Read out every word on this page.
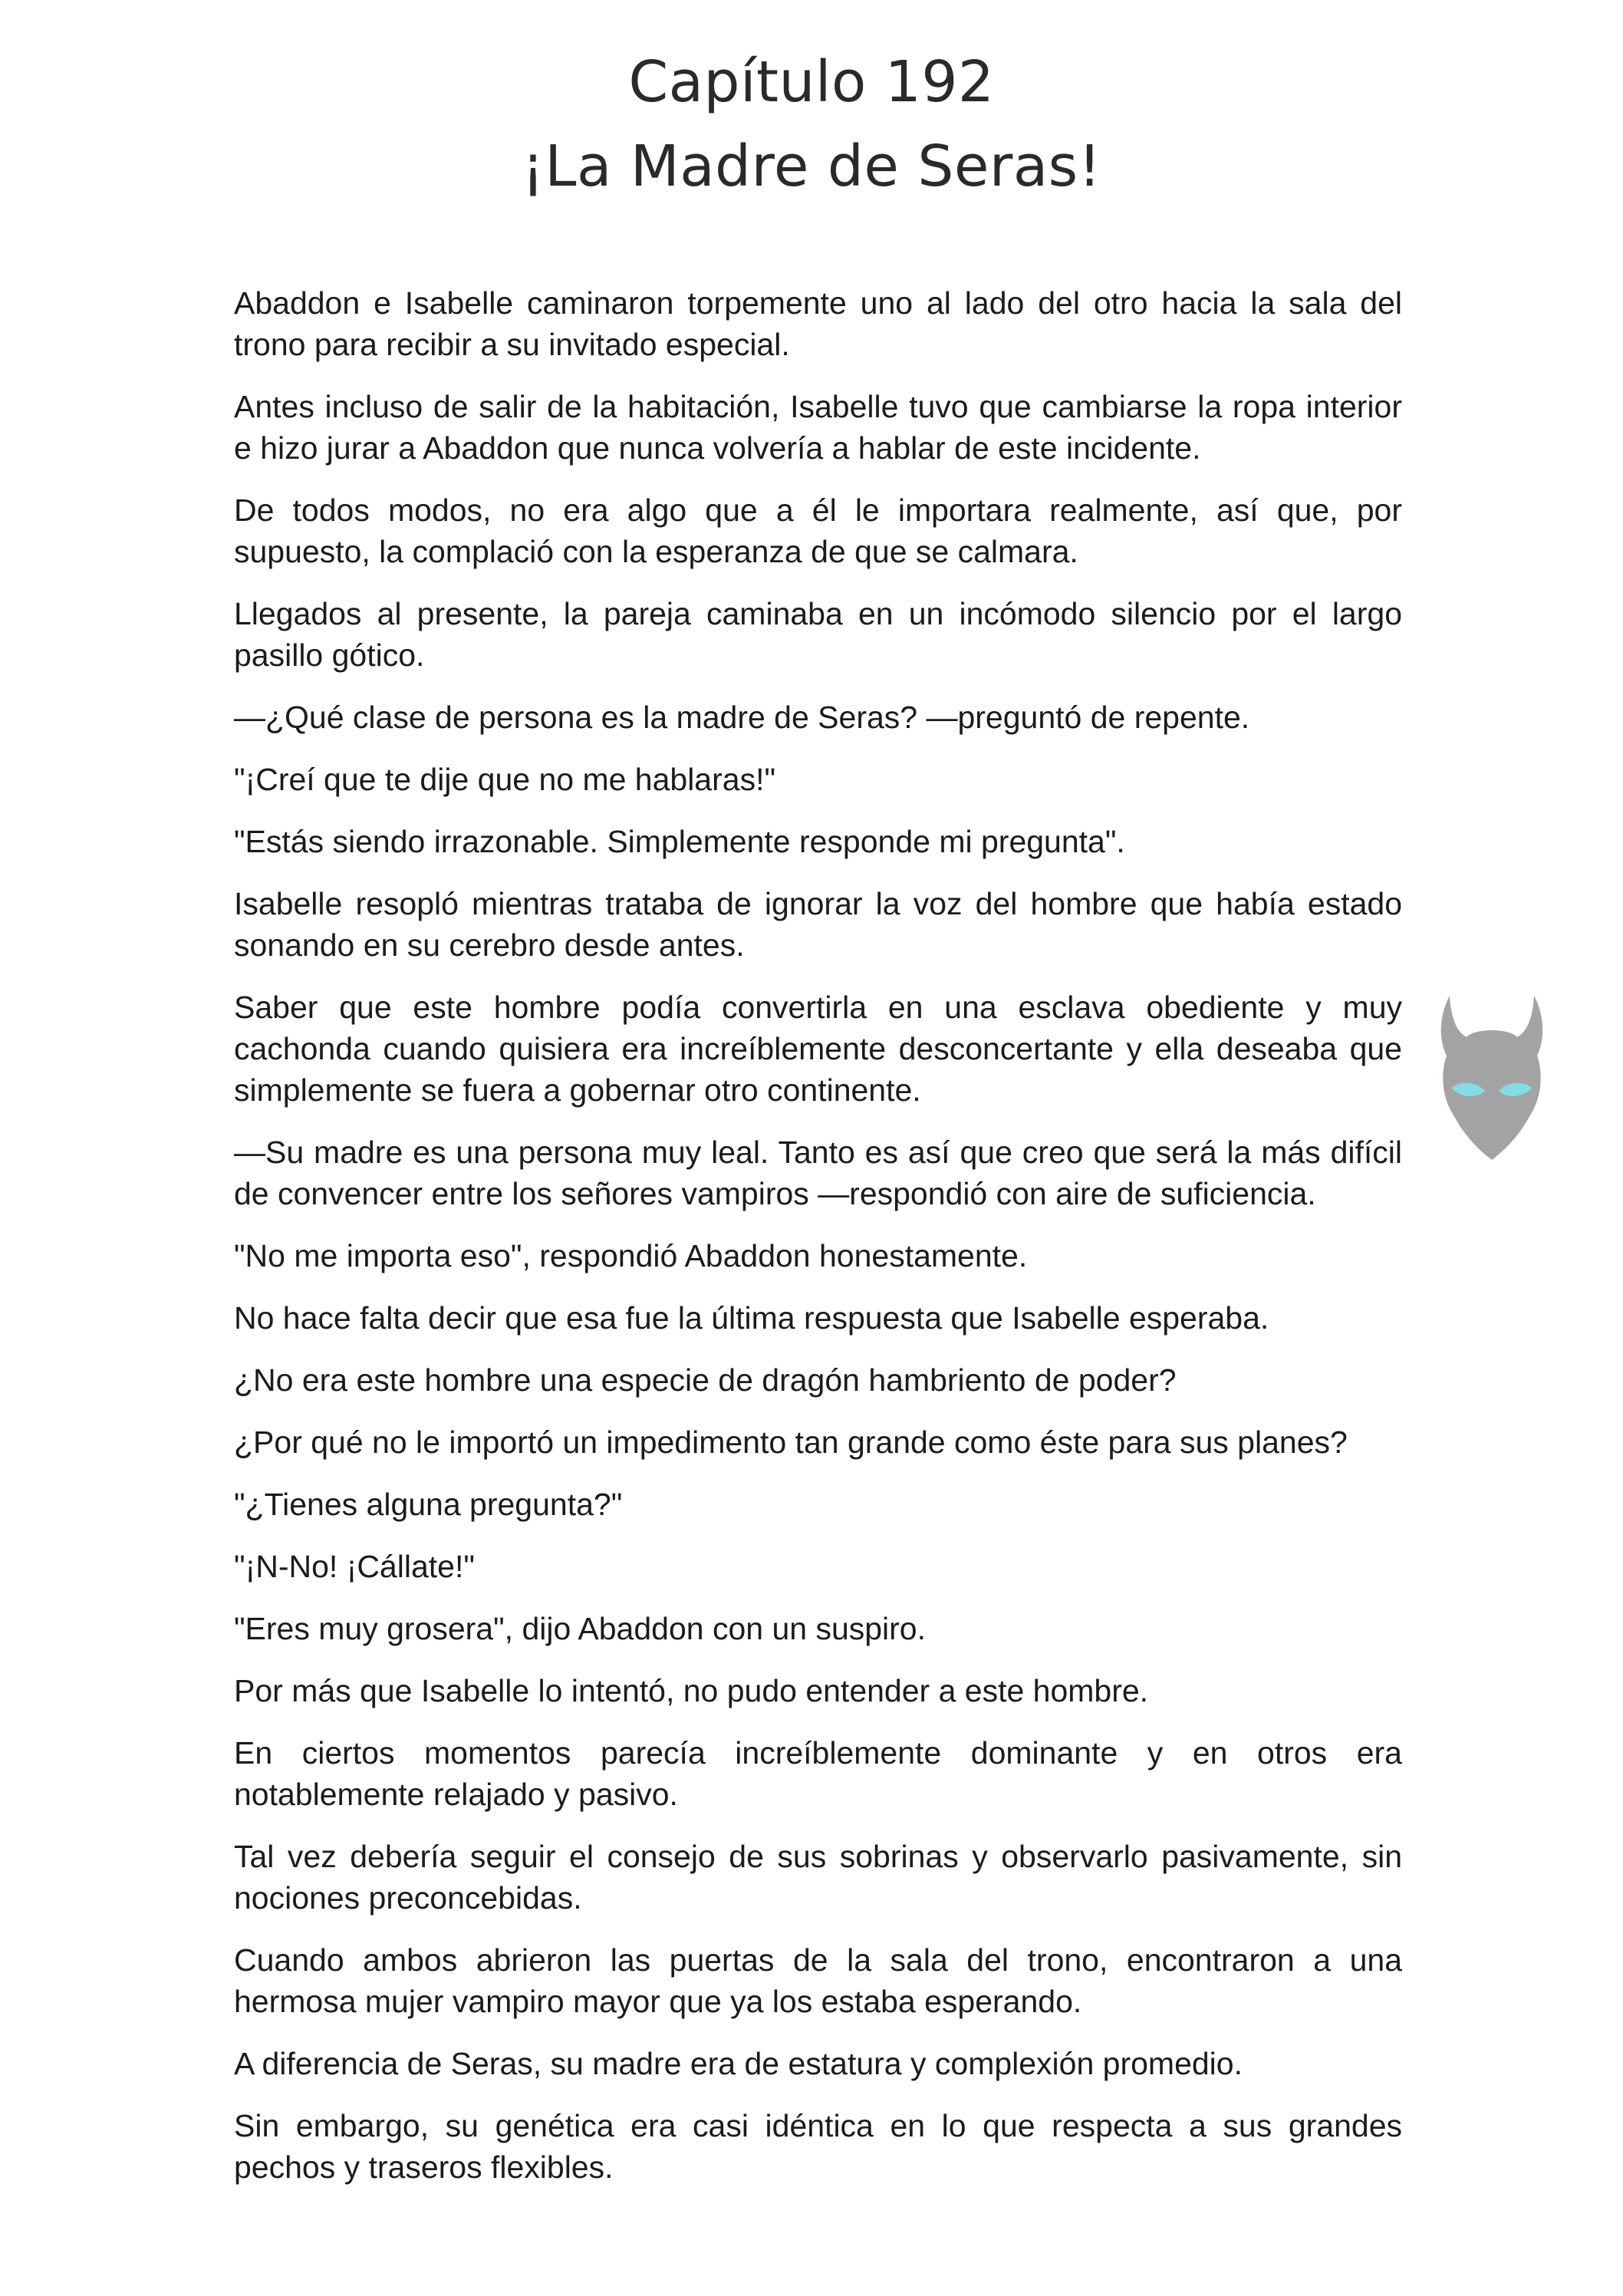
Capítulo 192
¡La Madre de Seras!

Abaddon e Isabelle caminaron torpemente uno al lado del otro hacia la sala del trono para recibir a su invitado especial.

Antes incluso de salir de la habitación, Isabelle tuvo que cambiarse la ropa interior e hizo jurar a Abaddon que nunca volvería a hablar de este incidente.

De todos modos, no era algo que a él le importara realmente, así que, por supuesto, la complació con la esperanza de que se calmara.

Llegados al presente, la pareja caminaba en un incómodo silencio por el largo pasillo gótico.

—¿Qué clase de persona es la madre de Seras? —preguntó de repente.

"¡Creí que te dije que no me hablaras!"

"Estás siendo irrazonable. Simplemente responde mi pregunta".

Isabelle resopló mientras trataba de ignorar la voz del hombre que había estado sonando en su cerebro desde antes.

Saber que este hombre podía convertirla en una esclava obediente y muy cachonda cuando quisiera era increíblemente desconcertante y ella deseaba que simplemente se fuera a gobernar otro continente.

—Su madre es una persona muy leal. Tanto es así que creo que será la más difícil de convencer entre los señores vampiros —respondió con aire de suficiencia.

"No me importa eso", respondió Abaddon honestamente.

No hace falta decir que esa fue la última respuesta que Isabelle esperaba.

¿No era este hombre una especie de dragón hambriento de poder?

¿Por qué no le importó un impedimento tan grande como éste para sus planes?

"¿Tienes alguna pregunta?"

"¡N-No! ¡Cállate!"

"Eres muy grosera", dijo Abaddon con un suspiro.

Por más que Isabelle lo intentó, no pudo entender a este hombre.

En ciertos momentos parecía increíblemente dominante y en otros era notablemente relajado y pasivo.

Tal vez debería seguir el consejo de sus sobrinas y observarlo pasivamente, sin nociones preconcebidas.

Cuando ambos abrieron las puertas de la sala del trono, encontraron a una hermosa mujer vampiro mayor que ya los estaba esperando.

A diferencia de Seras, su madre era de estatura y complexión promedio.

Sin embargo, su genética era casi idéntica en lo que respecta a sus grandes pechos y traseros flexibles.
